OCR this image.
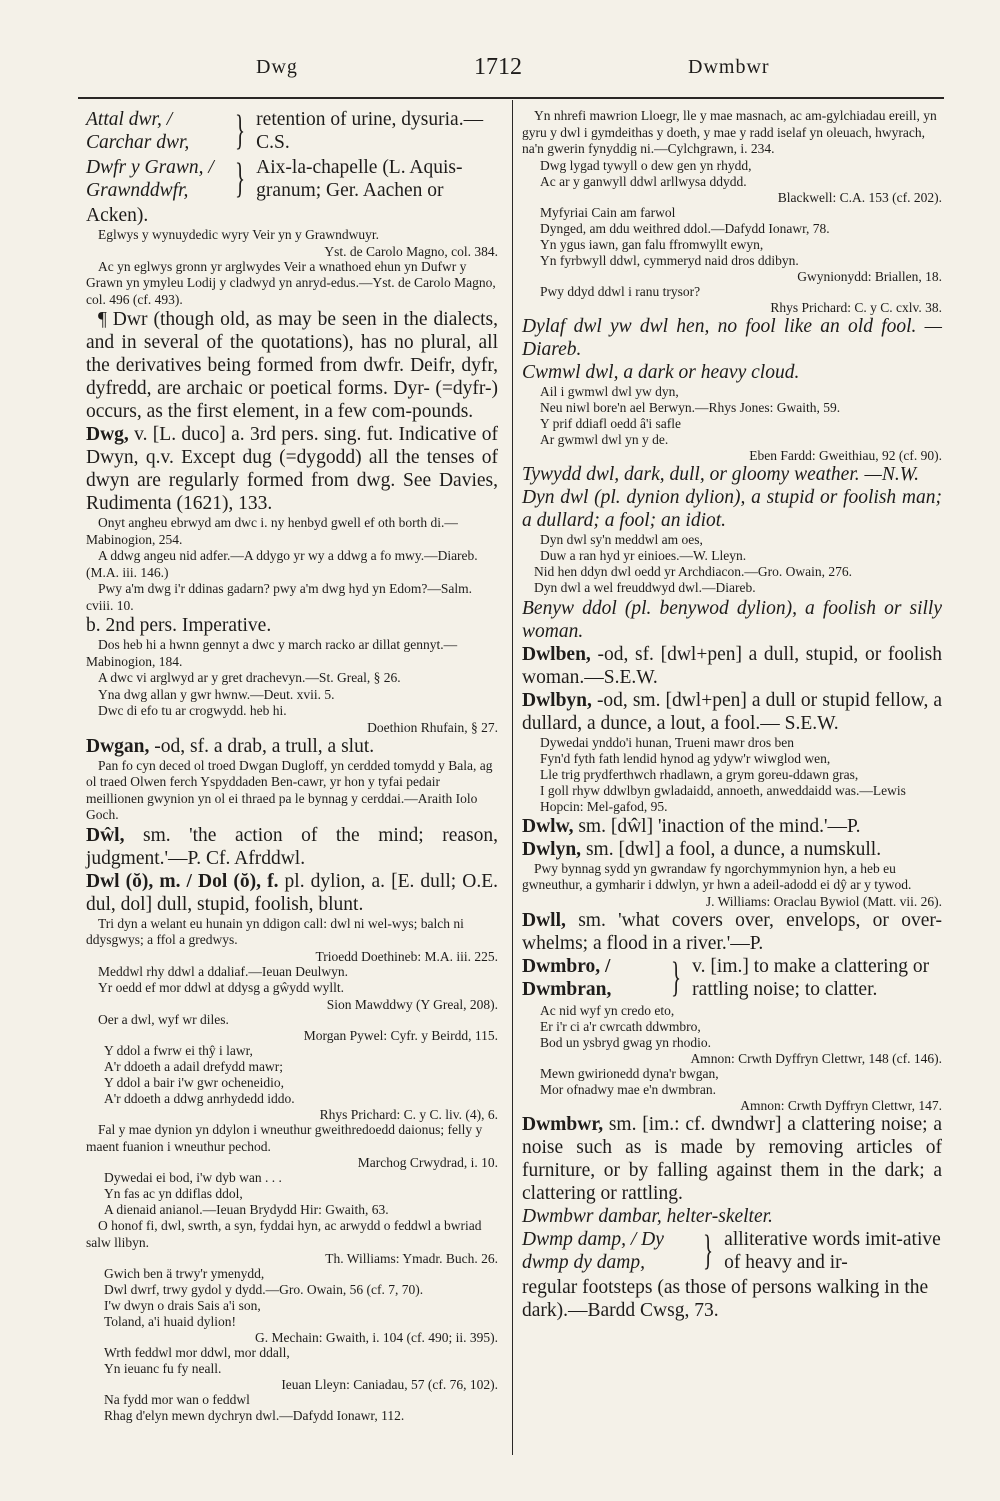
Dwg	1712	Dwmbwr
Attal dwr, / Carchar dwr,	} retention of urine, dysuria.—C.S.
Dwfr y Grawn, / Grawnddwfr,	} Aix-la-chapelle (L. Aquis-granum; Ger. Aachen or

Acken).

Eglwys y wynuydedic wyry Veir yn y Grawndwuyr.
Yst. de Carolo Magno, col. 384.

Ac yn eglwys gronn yr arglwydes Veir a wnathoed ehun yn Dufwr y Grawn yn ymyleu Lodij y cladwyd yn anryd-edus.—Yst. de Carolo Magno, col. 496 (cf. 493).

¶ Dwr (though old, as may be seen in the dialects, and in several of the quotations), has no plural, all the derivatives being formed from dwfr. Deifr, dyfr, dyfredd, are archaic or poetical forms. Dyr- (=dyfr-) occurs, as the first element, in a few com-pounds.

Dwg, v. [L. duco] a. 3rd pers. sing. fut. Indicative of Dwyn, q.v. Except dug (=dygodd) all the tenses of dwyn are regularly formed from dwg. See Davies, Rudimenta (1621), 133.

Onyt angheu ebrwyd am dwc i. ny henbyd gwell ef oth borth di.—Mabinogion, 254.

A ddwg angeu nid adfer.—A ddygo yr wy a ddwg a fo mwy.—Diareb. (M.A. iii. 146.)

Pwy a'm dwg i'r ddinas gadarn? pwy a'm dwg hyd yn Edom?—Salm. cviii. 10.

b. 2nd pers. Imperative.

Dos heb hi a hwnn gennyt a dwc y march racko ar dillat gennyt.—Mabinogion, 184.

A dwc vi arglwyd ar y gret drachevyn.—St. Greal, § 26.

Yna dwg allan y gwr hwnw.—Deut. xvii. 5.

Dwc di efo tu ar crogwydd. heb hi.
Doethion Rhufain, § 27.

Dwgan, -od, sf. a drab, a trull, a slut.

Pan fo cyn deced ol troed Dwgan Dugloff, yn cerdded tomydd y Bala, ag ol traed Olwen ferch Yspyddaden Ben-cawr, yr hon y tyfai pedair meillionen gwynion yn ol ei thraed pa le bynnag y cerddai.—Araith Iolo Goch.

Dŵl, sm. 'the action of the mind; reason, judgment.'—P. Cf. Afrddwl.

Dwl (ŏ), m. / Dol (ŏ), f. pl. dylion, a. [E. dull; O.E. dul, dol] dull, stupid, foolish, blunt.

Tri dyn a welant eu hunain yn ddigon call: dwl ni wel-wys; balch ni ddysgwys; a ffol a gredwys.
Trioedd Doethineb: M.A. iii. 225.

Meddwl rhy ddwl a ddaliaf.—Ieuan Deulwyn.

Yr oedd ef mor ddwl at ddysg a gŵydd wyllt.
Sion Mawddwy (Y Greal, 208).

Oer a dwl, wyf wr diles.
Morgan Pywel: Cyfr. y Beirdd, 115.

Y ddol a fwrw ei thŷ i lawr,
A'r ddoeth a adail drefydd mawr;
Y ddol a bair i'w gwr ocheneidio,
A'r ddoeth a ddwg anrhydedd iddo.
Rhys Prichard: C. y C. liv. (4), 6.

Fal y mae dynion yn ddylon i wneuthur gweithredoedd daionus; felly y maent fuanion i wneuthur pechod.
Marchog Crwydrad, i. 10.

Dywedai ei bod, i'w dyb wan . . .
Yn fas ac yn ddiflas ddol,
A dienaid anianol.—Ieuan Brydydd Hir: Gwaith, 63.

O honof fi, dwl, swrth, a syn, fyddai hyn, ac arwydd o feddwl a bwriad salw llibyn.
Th. Williams: Ymadr. Buch. 26.

Gwich ben ä trwy'r ymenydd,
Dwl dwrf, trwy gydol y dydd.—Gro. Owain, 56 (cf. 7, 70).

I'w dwyn o drais Sais a'i son,
Toland, a'i huaid dylion!
G. Mechain: Gwaith, i. 104 (cf. 490; ii. 395).

Wrth feddwl mor ddwl, mor ddall,
Yn ieuanc fu fy neall.
Ieuan Lleyn: Caniadau, 57 (cf. 76, 102).

Na fydd mor wan o feddwl
Rhag d'elyn mewn dychryn dwl.—Dafydd Ionawr, 112.

Yn nhrefi mawrion Lloegr, lle y mae masnach, ac am-gylchiadau ereill, yn gyru y dwl i gymdeithas y doeth, y mae y radd iselaf yn oleuach, hwyrach, na'n gwerin fynyddig ni.—Cylchgrawn, i. 234.

Dwg lygad tywyll o dew gen yn rhydd,
Ac ar y ganwyll ddwl arllwysa ddydd.
Blackwell: C.A. 153 (cf. 202).

Myfyriai Cain am farwol
Dynged, am ddu weithred ddol.—Dafydd Ionawr, 78.

Yn ygus iawn, gan falu ffromwyllt ewyn,
Yn fyrbwyll ddwl, cymmeryd naid dros ddibyn.
Gwynionydd: Briallen, 18.

Pwy ddyd ddwl i ranu trysor?
Rhys Prichard: C. y C. cxlv. 38.

Dylaf dwl yw dwl hen, no fool like an old fool. —Diareb.

Cwmwl dwl, a dark or heavy cloud.

Ail i gwmwl dwl yw dyn,
Neu niwl bore'n ael Berwyn.—Rhys Jones: Gwaith, 59.

Y prif ddiafl oedd â'i safle
Ar gwmwl dwl yn y de.
Eben Fardd: Gweithiau, 92 (cf. 90).

Tywydd dwl, dark, dull, or gloomy weather. —N.W.

Dyn dwl (pl. dynion dylion), a stupid or foolish man; a dullard; a fool; an idiot.

Dyn dwl sy'n meddwl am oes,
Duw a ran hyd yr einioes.—W. Lleyn.

Nid hen ddyn dwl oedd yr Archdiacon.—Gro. Owain, 276.

Dyn dwl a wel freuddwyd dwl.—Diareb.

Benyw ddol (pl. benywod dylion), a foolish or silly woman.

Dwlben, -od, sf. [dwl+pen] a dull, stupid, or foolish woman.—S.E.W.

Dwlbyn, -od, sm. [dwl+pen] a dull or stupid fellow, a dullard, a dunce, a lout, a fool.— S.E.W.

Dywedai ynddo'i hunan, Trueni mawr dros ben
Fyn'd fyth fath lendid hynod ag ydyw'r wiwglod wen,
Lle trig prydferthwch rhadlawn, a grym goreu-ddawn gras,
I goll rhyw ddwlbyn gwladaidd, annoeth, anweddaidd was.—Lewis Hopcin: Mel-gafod, 95.

Dwlw, sm. [dŵl] 'inaction of the mind.'—P.

Dwlyn, sm. [dwl] a fool, a dunce, a numskull.

Pwy bynnag sydd yn gwrandaw fy ngorchymmynion hyn, a heb eu gwneuthur, a gymharir i ddwlyn, yr hwn a adeil-adodd ei dŷ ar y tywod.
J. Williams: Oraclau Bywiol (Matt. vii. 26).

Dwll, sm. 'what covers over, envelops, or over-whelms; a flood in a river.'—P.

Dwmbro, / Dwmbran,	} v. [im.] to make a clattering or rattling noise; to clatter.

Ac nid wyf yn credo eto,
Er i'r ci a'r cwrcath ddwmbro,
Bod un ysbryd gwag yn rhodio.
Amnon: Crwth Dyffryn Clettwr, 148 (cf. 146).

Mewn gwirionedd dyna'r bwgan,
Mor ofnadwy mae e'n dwmbran.
Amnon: Crwth Dyffryn Clettwr, 147.

Dwmbwr, sm. [im.: cf. dwndwr] a clattering noise; a noise such as is made by removing articles of furniture, or by falling against them in the dark; a clattering or rattling.

Dwmbwr dambar, helter-skelter.

Dwmp damp, / Dy dwmp dy damp,	} alliterative words imit-ative of heavy and ir-

regular footsteps (as those of persons walking in the dark).—Bardd Cwsg, 73.
